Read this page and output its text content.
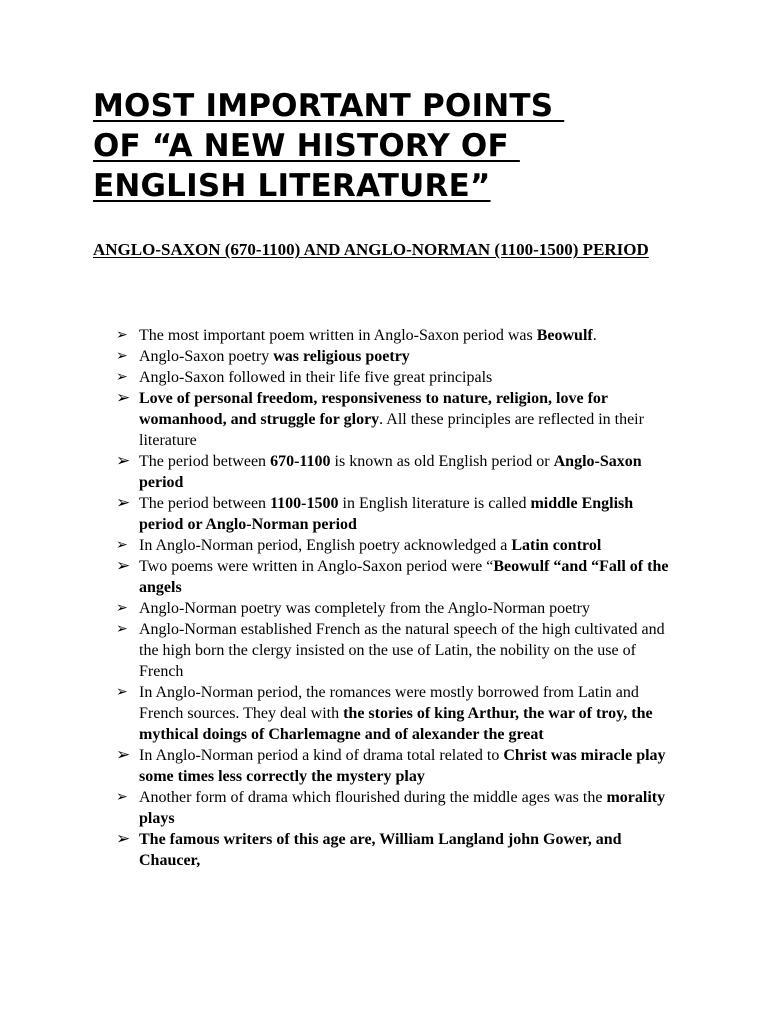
MOST IMPORTANT POINTS
OF “A NEW HISTORY OF
ENGLISH LITERATURE”
ANGLO-SAXON (670-1100) AND ANGLO-NORMAN (1100-1500) PERIOD
➢ The most important poem written in Anglo-Saxon period was Beowulf.
➢ Anglo-Saxon poetry was religious poetry
➢ Anglo-Saxon followed in their life five great principals
➢ Love of personal freedom, responsiveness to nature, religion, love for womanhood, and struggle for glory. All these principles are reflected in their literature
➢ The period between 670-1100 is known as old English period or Anglo-Saxon period
➢ The period between 1100-1500 in English literature is called middle English period or Anglo-Norman period
➢ In Anglo-Norman period, English poetry acknowledged a Latin control
➢ Two poems were written in Anglo-Saxon period were “Beowulf “and “Fall of the angels
➢ Anglo-Norman poetry was completely from the Anglo-Norman poetry
➢ Anglo-Norman established French as the natural speech of the high cultivated and the high born the clergy insisted on the use of Latin, the nobility on the use of French
➢ In Anglo-Norman period, the romances were mostly borrowed from Latin and French sources. They deal with the stories of king Arthur, the war of troy, the mythical doings of Charlemagne and of alexander the great
➢ In Anglo-Norman period a kind of drama total related to Christ was miracle play some times less correctly the mystery play
➢ Another form of drama which flourished during the middle ages was the morality plays
➢ The famous writers of this age are, William Langland john Gower, and Chaucer,
